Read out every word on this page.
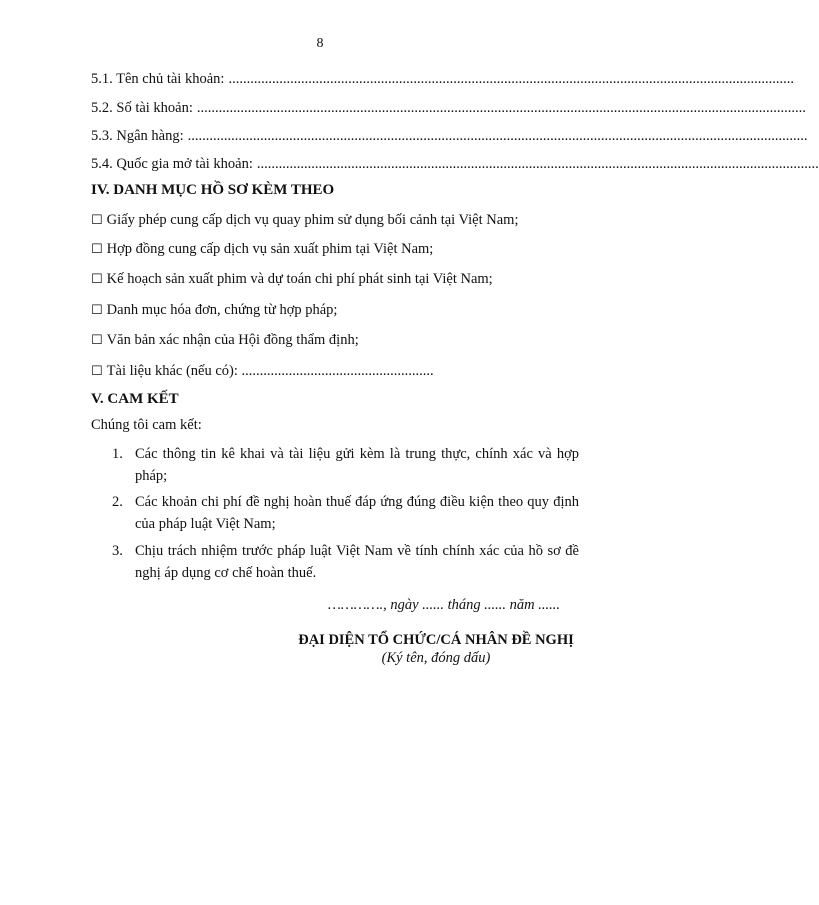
8
5.1. Tên chủ tài khoản: ............................................................................................................................................................
5.2. Số tài khoản: ........................................................................................................................................................................
5.3. Ngân hàng: ...........................................................................................................................................................................
5.4. Quốc gia mở tài khoản: ...........................................................................................................................................................
IV. DANH MỤC HỒ SƠ KÈM THEO
☐ Giấy phép cung cấp dịch vụ quay phim sử dụng bối cảnh tại Việt Nam;
☐ Hợp đồng cung cấp dịch vụ sản xuất phim tại Việt Nam;
☐ Kế hoạch sản xuất phim và dự toán chi phí phát sinh tại Việt Nam;
☐ Danh mục hóa đơn, chứng từ hợp pháp;
☐ Văn bản xác nhận của Hội đồng thẩm định;
☐ Tài liệu khác (nếu có): .....................................................
V. CAM KẾT
Chúng tôi cam kết:
1. Các thông tin kê khai và tài liệu gửi kèm là trung thực, chính xác và hợp pháp;
2. Các khoản chi phí đề nghị hoàn thuế đáp ứng đúng điều kiện theo quy định của pháp luật Việt Nam;
3. Chịu trách nhiệm trước pháp luật Việt Nam về tính chính xác của hồ sơ đề nghị áp dụng cơ chế hoàn thuế.
…………., ngày ...... tháng ...... năm ......
ĐẠI DIỆN TỔ CHỨC/CÁ NHÂN ĐỀ NGHỊ
(Ký tên, đóng dấu)
